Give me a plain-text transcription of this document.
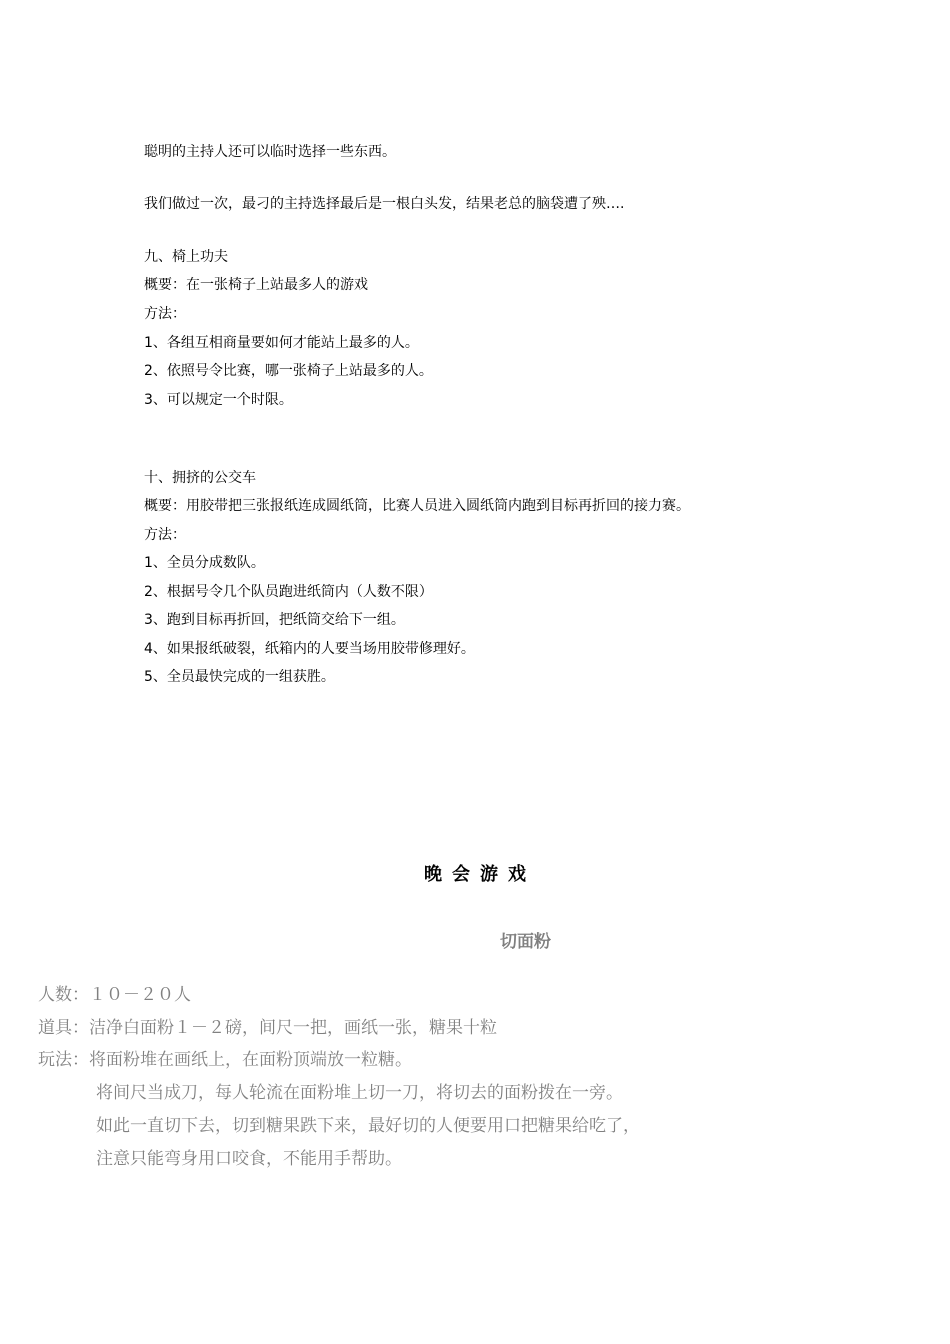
聪明的主持人还可以临时选择一些东西。
我们做过一次，最刁的主持选择最后是一根白头发，结果老总的脑袋遭了殃….
九、椅上功夫
概要：在一张椅子上站最多人的游戏
方法：
1、各组互相商量要如何才能站上最多的人。
2、依照号令比赛，哪一张椅子上站最多的人。
3、可以规定一个时限。
十、拥挤的公交车
概要：用胶带把三张报纸连成圆纸筒，比赛人员进入圆纸筒内跑到目标再折回的接力赛。
方法：
1、全员分成数队。
2、根据号令几个队员跑进纸筒内（人数不限）
3、跑到目标再折回，把纸筒交给下一组。
4、如果报纸破裂，纸箱内的人要当场用胶带修理好。
5、全员最快完成的一组获胜。
晚会游戏
切面粉
人数：１０－２０人
道具：洁净白面粉１－２磅，间尺一把，画纸一张，糖果十粒
玩法：将面粉堆在画纸上，在面粉顶端放一粒糖。
将间尺当成刀，每人轮流在面粉堆上切一刀，将切去的面粉拨在一旁。
如此一直切下去，切到糖果跌下来，最好切的人便要用口把糖果给吃了，
注意只能弯身用口咬食，不能用手帮助。
